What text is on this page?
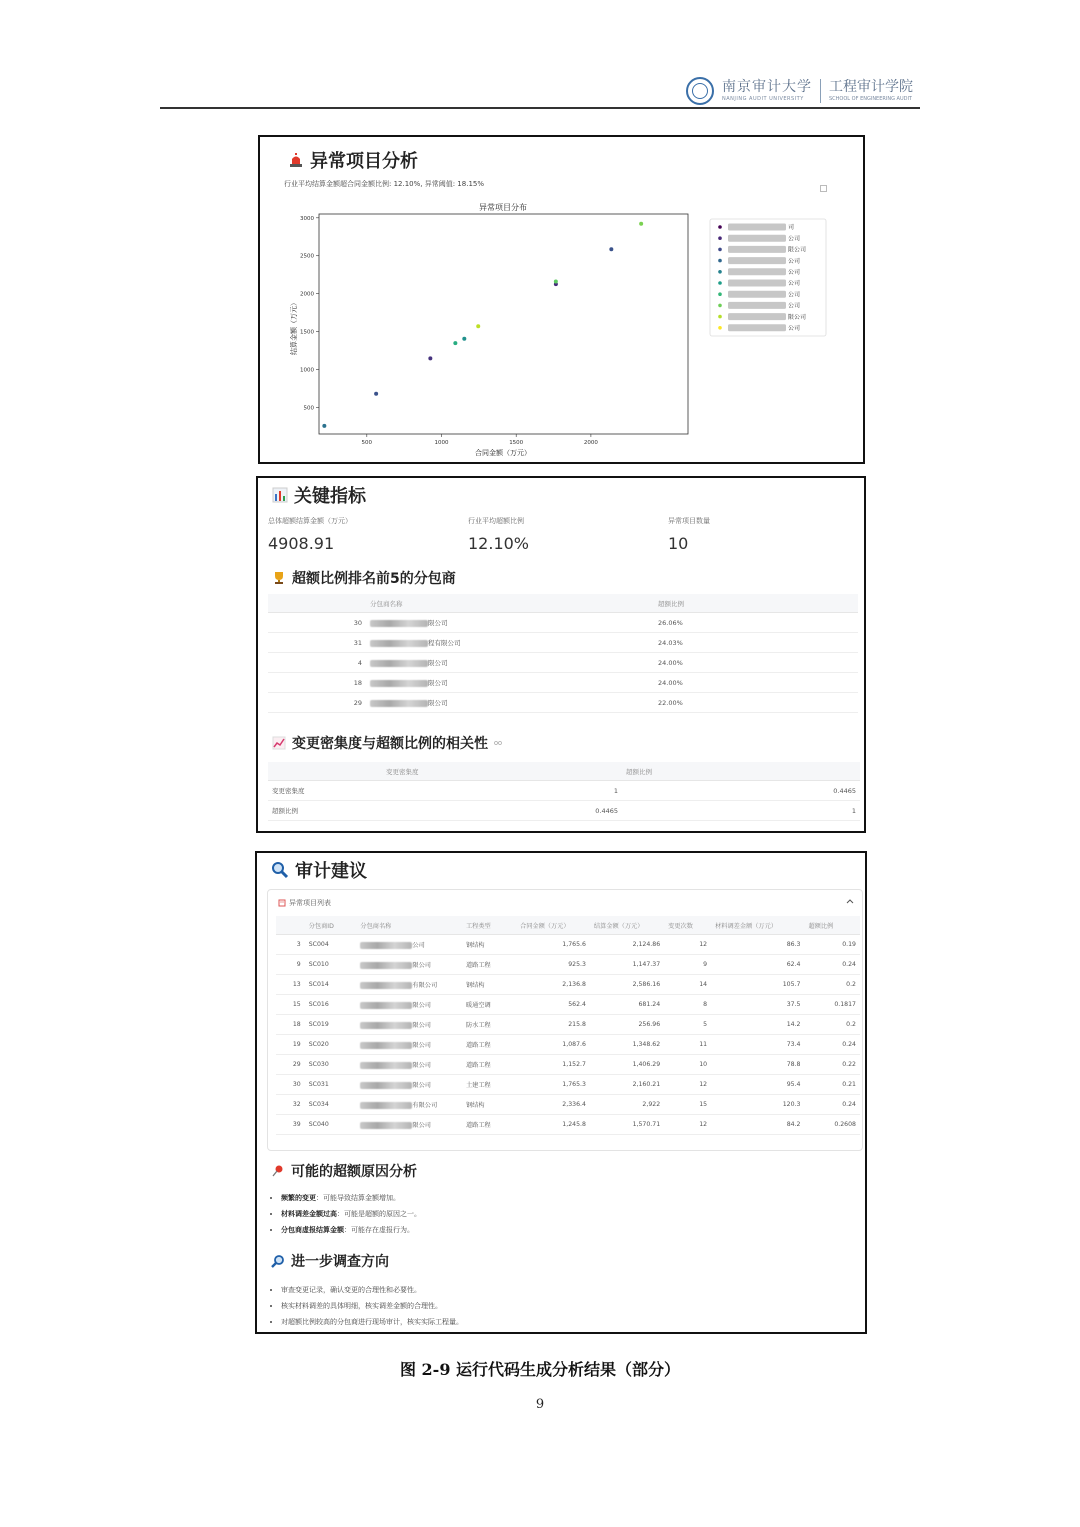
南京审计大学
NANJING AUDIT UNIVERSITY
工程审计学院
SCHOOL OF ENGINEERING AUDIT
异常项目分析
行业平均结算金额超合同金额比例: 12.10%, 异常阈值: 18.15%
异常项目分布
合同金额（万元）
结算金额（万元）
500	1000	1500	2000
500
1000
1500
2000
2500
3000
司
公司
限公司
公司
公司
公司
公司
公司
限公司
公司
关键指标
总体超额结算金额（万元）
4908.91
行业平均超额比例
12.10%
异常项目数量
10
超额比例排名前5的分包商
	分包商名称	超额比例
30	限公司	26.06%
31	程有限公司	24.03%
4	限公司	24.00%
18	限公司	24.00%
29	限公司	22.00%
变更密集度与超额比例的相关性
	变更密集度	超额比例
变更密集度	1	0.4465
超额比例	0.4465	1
审计建议
异常项目列表
	分包商ID	分包商名称	工程类型	合同金额（万元）	结算金额（万元）	变更次数	材料调差金额（万元）	超额比例
3	SC004	公司	钢结构	1,765.6	2,124.86	12	86.3	0.19
9	SC010	限公司	道路工程	925.3	1,147.37	9	62.4	0.24
13	SC014	有限公司	钢结构	2,136.8	2,586.16	14	105.7	0.2
15	SC016	限公司	暖通空调	562.4	681.24	8	37.5	0.1817
18	SC019	限公司	防水工程	215.8	256.96	5	14.2	0.2
19	SC020	限公司	道路工程	1,087.6	1,348.62	11	73.4	0.24
29	SC030	限公司	道路工程	1,152.7	1,406.29	10	78.8	0.22
30	SC031	限公司	土建工程	1,765.3	2,160.21	12	95.4	0.21
32	SC034	有限公司	钢结构	2,336.4	2,922	15	120.3	0.24
39	SC040	限公司	道路工程	1,245.8	1,570.71	12	84.2	0.2608
可能的超额原因分析
• 频繁的变更：可能导致结算金额增加。
• 材料调差金额过高：可能是超额的原因之一。
• 分包商虚报结算金额：可能存在虚报行为。
进一步调查方向
• 审查变更记录，确认变更的合理性和必要性。
• 核实材料调差的具体明细，核实调差金额的合理性。
• 对超额比例较高的分包商进行现场审计，核实实际工程量。
图 2-9 运行代码生成分析结果（部分）
9
